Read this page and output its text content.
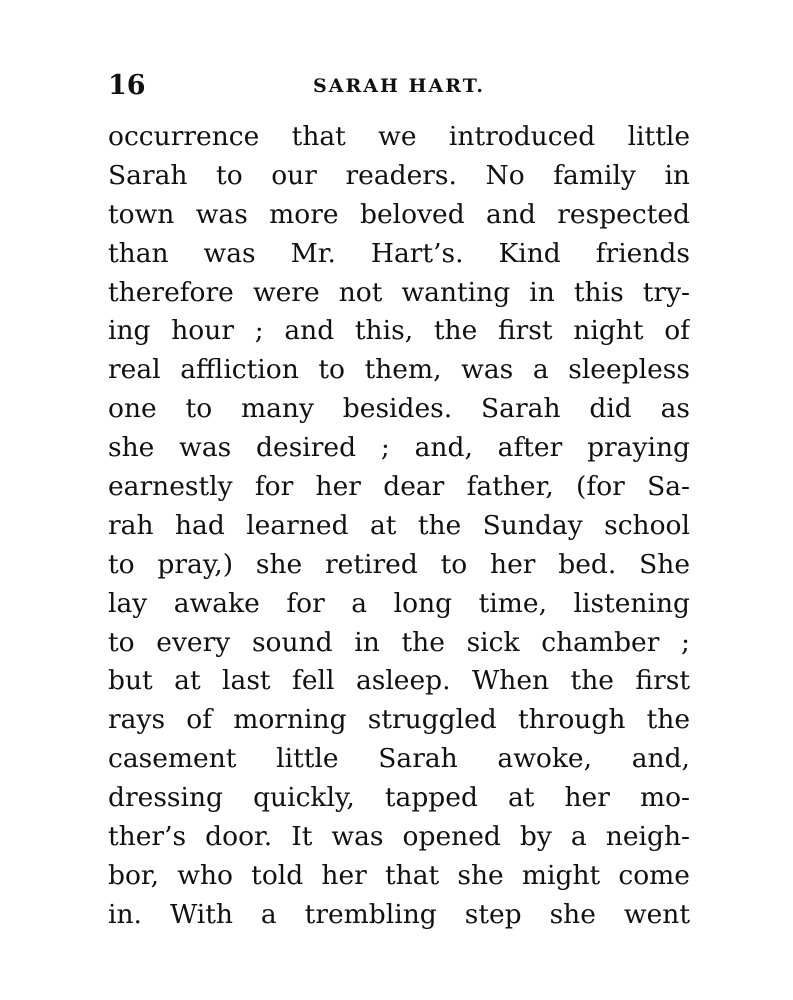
16	SARAH HART.
occurrence that we introduced little
Sarah to our readers. No family in
town was more beloved and respected
than was Mr. Hart’s. Kind friends
therefore were not wanting in this try-
ing hour ; and this, the first night of
real affliction to them, was a sleepless
one to many besides. Sarah did as
she was desired ; and, after praying
earnestly for her dear father, (for Sa-
rah had learned at the Sunday school
to pray,) she retired to her bed. She
lay awake for a long time, listening
to every sound in the sick chamber ;
but at last fell asleep. When the first
rays of morning struggled through the
casement little Sarah awoke, and,
dressing quickly, tapped at her mo-
ther’s door. It was opened by a neigh-
bor, who told her that she might come
in. With a trembling step she went
